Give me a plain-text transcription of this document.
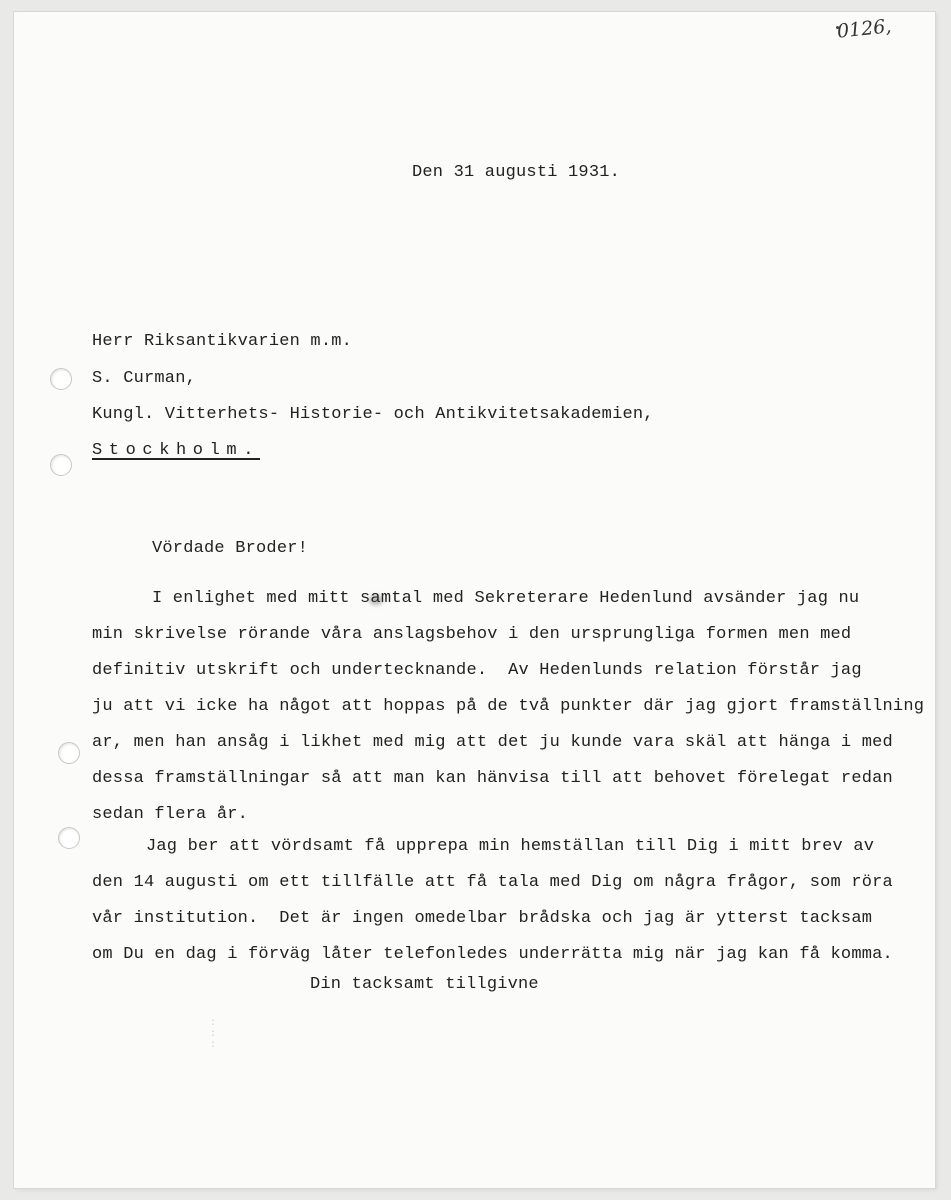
0126,
Den 31 augusti 1931.
Herr Riksantikvarien m.m.
S. Curman,
Kungl. Vitterhets- Historie- och Antikvitetsakademien,
Stockholm.
Vördade Broder!
I enlighet med mitt samtal med Sekreterare Hedenlund avsänder jag nu
min skrivelse rörande våra anslagsbehov i den ursprungliga formen men med
definitiv utskrift och undertecknande.  Av Hedenlunds relation förstår jag
ju att vi icke ha något att hoppas på de två punkter där jag gjort framställning
ar, men han ansåg i likhet med mig att det ju kunde vara skäl att hänga i med
dessa framställningar så att man kan hänvisa till att behovet förelegat redan
sedan flera år.
Jag ber att vördsamt få upprepa min hemställan till Dig i mitt brev av
den 14 augusti om ett tillfälle att få tala med Dig om några frågor, som röra
vår institution.  Det är ingen omedelbar brådska och jag är ytterst tacksam
om Du en dag i förväg låter telefonledes underrätta mig när jag kan få komma.
Din tacksamt tillgivne
:
:
:
